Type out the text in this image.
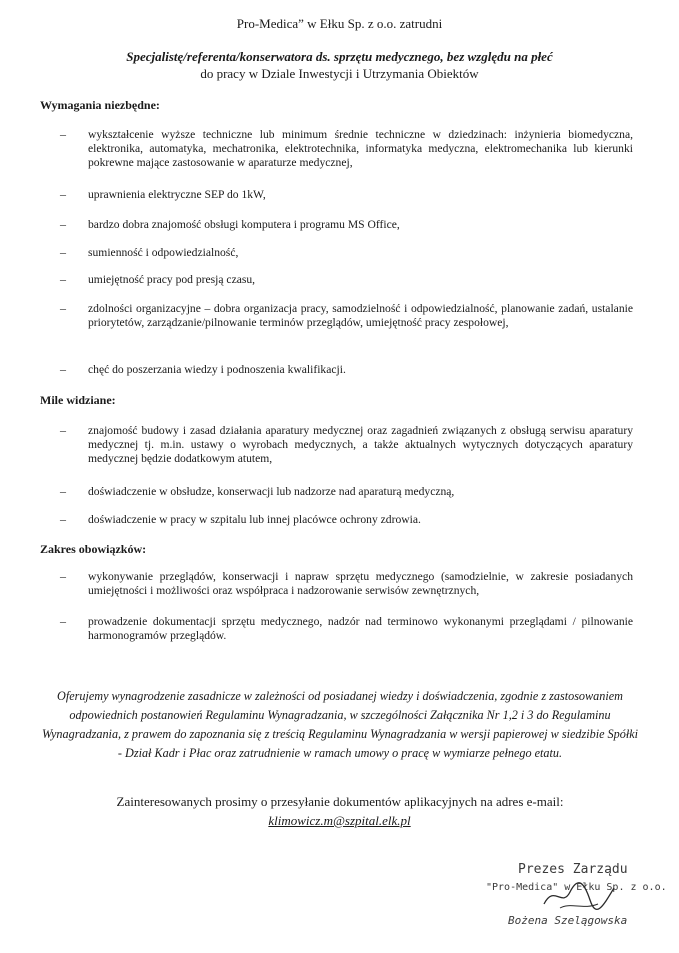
Pro-Medica” w Ełku Sp. z o.o. zatrudni
Specjalistę/referenta/konserwatora ds. sprzętu medycznego, bez względu na płeć
do pracy w Dziale Inwestycji i Utrzymania Obiektów
Wymagania niezbędne:
– wykształcenie wyższe techniczne lub minimum średnie techniczne w dziedzinach: inżynieria biomedyczna, elektronika, automatyka, mechatronika, elektrotechnika, informatyka medyczna, elektromechanika lub kierunki pokrewne mające zastosowanie w aparaturze medycznej,
– uprawnienia elektryczne SEP do 1kW,
– bardzo dobra znajomość obsługi komputera i programu MS Office,
– sumienność i odpowiedzialność,
– umiejętność pracy pod presją czasu,
– zdolności organizacyjne – dobra organizacja pracy, samodzielność i odpowiedzialność, planowanie zadań, ustalanie priorytetów, zarządzanie/pilnowanie terminów przeglądów, umiejętność pracy zespołowej,
– chęć do poszerzania wiedzy i podnoszenia kwalifikacji.
Mile widziane:
– znajomość budowy i zasad działania aparatury medycznej oraz zagadnień związanych z obsługą serwisu aparatury medycznej tj. m.in. ustawy o wyrobach medycznych, a także aktualnych wytycznych dotyczących aparatury medycznej będzie dodatkowym atutem,
– doświadczenie w obsłudze, konserwacji lub nadzorze nad aparaturą medyczną,
– doświadczenie w pracy w szpitalu lub innej placówce ochrony zdrowia.
Zakres obowiązków:
– wykonywanie przeglądów, konserwacji i napraw sprzętu medycznego (samodzielnie, w zakresie posiadanych umiejętności i możliwości oraz współpraca i nadzorowanie serwisów zewnętrznych,
– prowadzenie dokumentacji sprzętu medycznego, nadzór nad terminowo wykonanymi przeglądami / pilnowanie harmonogramów przeglądów.
Oferujemy wynagrodzenie zasadnicze w zależności od posiadanej wiedzy i doświadczenia, zgodnie z zastosowaniem odpowiednich postanowień Regulaminu Wynagradzania, w szczególności Załącznika Nr 1,2 i 3 do Regulaminu Wynagradzania, z prawem do zapoznania się z treścią Regulaminu Wynagradzania w wersji papierowej w siedzibie Spółki - Dział Kadr i Płac oraz zatrudnienie w ramach umowy o pracę w wymiarze pełnego etatu.
Zainteresowanych prosimy o przesyłanie dokumentów aplikacyjnych na adres e-mail:
klimowicz.m@szpital.elk.pl
Prezes Zarządu
"Pro-Medica" w Ełku Sp. z o.o.
Bożena Szelągowska
